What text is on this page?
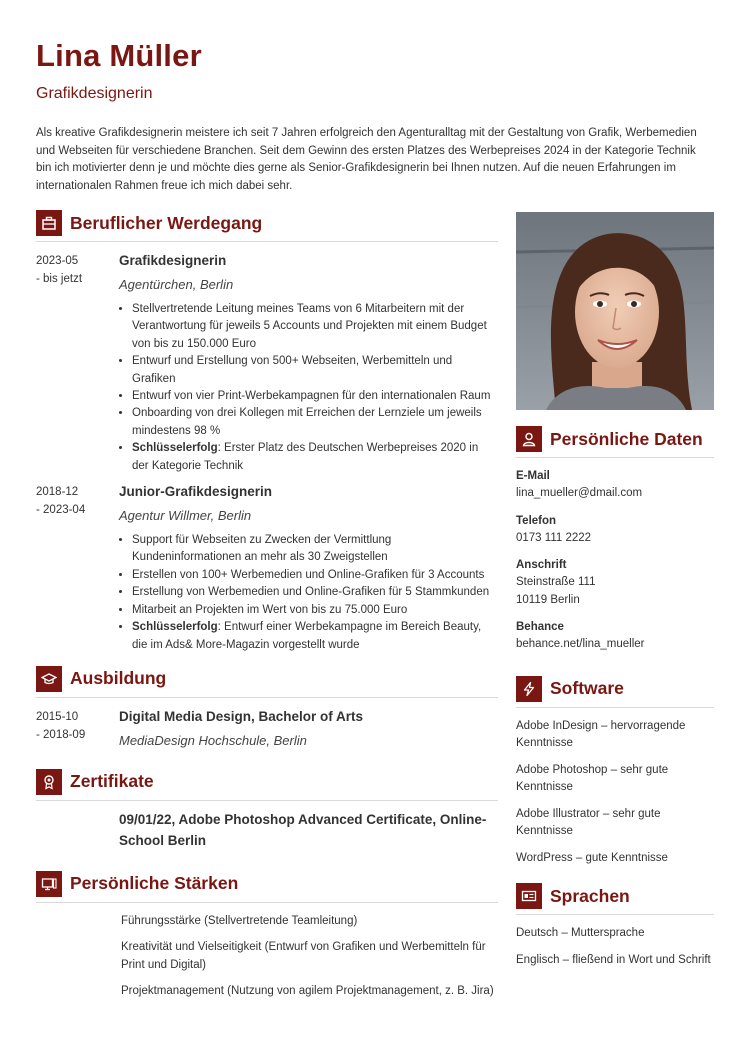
Lina Müller
Grafikdesignerin

Als kreative Grafikdesignerin meistere ich seit 7 Jahren erfolgreich den Agenturalltag mit der Gestaltung von Grafik, Werbemedien und Webseiten für verschiedene Branchen. Seit dem Gewinn des ersten Platzes des Werbepreises 2024 in der Kategorie Technik bin ich motivierter denn je und möchte dies gerne als Senior-Grafikdesignerin bei Ihnen nutzen. Auf die neuen Erfahrungen im internationalen Rahmen freue ich mich dabei sehr.

Beruflicher Werdegang
2023-05
- bis jetzt
Grafikdesignerin
Agentürchen, Berlin
• Stellvertretende Leitung meines Teams von 6 Mitarbeitern mit der Verantwortung für jeweils 5 Accounts und Projekten mit einem Budget von bis zu 150.000 Euro
• Entwurf und Erstellung von 500+ Webseiten, Werbemitteln und Grafiken
• Entwurf von vier Print-Werbekampagnen für den internationalen Raum
• Onboarding von drei Kollegen mit Erreichen der Lernziele um jeweils mindestens 98 %
• Schlüsselerfolg: Erster Platz des Deutschen Werbepreises 2020 in der Kategorie Technik
2018-12
- 2023-04
Junior-Grafikdesignerin
Agentur Willmer, Berlin
• Support für Webseiten zu Zwecken der Vermittlung Kundeninformationen an mehr als 30 Zweigstellen
• Erstellen von 100+ Werbemedien und Online-Grafiken für 3 Accounts
• Erstellung von Werbemedien und Online-Grafiken für 5 Stammkunden
• Mitarbeit an Projekten im Wert von bis zu 75.000 Euro
• Schlüsselerfolg: Entwurf einer Werbekampagne im Bereich Beauty, die im Ads& More-Magazin vorgestellt wurde
Ausbildung
2015-10
- 2018-09
Digital Media Design, Bachelor of Arts
MediaDesign Hochschule, Berlin
Zertifikate
09/01/22, Adobe Photoshop Advanced Certificate, Online-School Berlin
Persönliche Stärken
Führungsstärke (Stellvertretende Teamleitung)
Kreativität und Vielseitigkeit (Entwurf von Grafiken und Werbemitteln für Print und Digital)
Projektmanagement (Nutzung von agilem Projektmanagement, z. B. Jira)
Persönliche Daten
E-Mail
lina_mueller@dmail.com
Telefon
0173 111 2222
Anschrift
Steinstraße 111
10119 Berlin
Behance
behance.net/lina_mueller
Software
Adobe InDesign – hervorragende Kenntnisse
Adobe Photoshop – sehr gute Kenntnisse
Adobe Illustrator – sehr gute Kenntnisse
WordPress – gute Kenntnisse
Sprachen
Deutsch – Muttersprache
Englisch – fließend in Wort und Schrift
